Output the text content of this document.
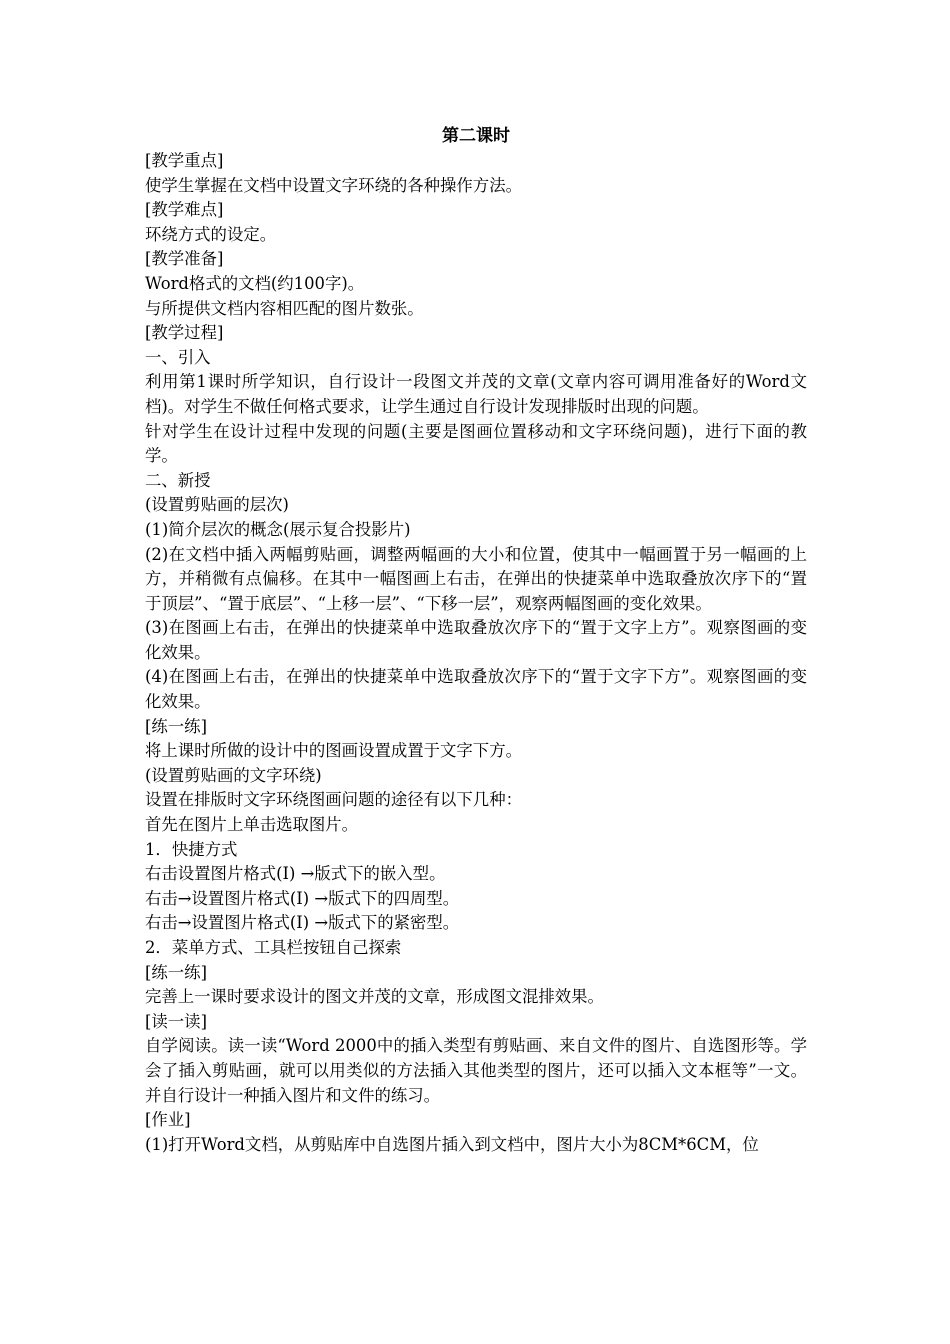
第二课时

[教学重点]

使学生掌握在文档中设置文字环绕的各种操作方法。

[教学难点]

环绕方式的设定。

[教学准备]

Word格式的文档(约100字)。

与所提供文档内容相匹配的图片数张。

[教学过程]

一、引入

利用第1课时所学知识，自行设计一段图文并茂的文章(文章内容可调用准备好的Word文档)。对学生不做任何格式要求，让学生通过自行设计发现排版时出现的问题。

针对学生在设计过程中发现的问题(主要是图画位置移动和文字环绕问题)，进行下面的教学。

二、新授

(设置剪贴画的层次)

(1)简介层次的概念(展示复合投影片)

(2)在文档中插入两幅剪贴画，调整两幅画的大小和位置，使其中一幅画置于另一幅画的上方，并稍微有点偏移。在其中一幅图画上右击，在弹出的快捷菜单中选取叠放次序下的“置于顶层”、“置于底层”、“上移一层”、“下移一层”，观察两幅图画的变化效果。

(3)在图画上右击，在弹出的快捷菜单中选取叠放次序下的“置于文字上方”。观察图画的变化效果。

(4)在图画上右击，在弹出的快捷菜单中选取叠放次序下的“置于文字下方”。观察图画的变化效果。

[练一练]

将上课时所做的设计中的图画设置成置于文字下方。

(设置剪贴画的文字环绕)

设置在排版时文字环绕图画问题的途径有以下几种：

首先在图片上单击选取图片。

1．快捷方式

右击设置图片格式(I) →版式下的嵌入型。

右击→设置图片格式(I) →版式下的四周型。

右击→设置图片格式(I) →版式下的紧密型。

2．菜单方式、工具栏按钮自己探索

[练一练]

完善上一课时要求设计的图文并茂的文章，形成图文混排效果。

[读一读]

自学阅读。读一读“Word 2000中的插入类型有剪贴画、来自文件的图片、自选图形等。学会了插入剪贴画，就可以用类似的方法插入其他类型的图片，还可以插入文本框等”一文。并自行设计一种插入图片和文件的练习。

[作业]

(1)打开Word文档，从剪贴库中自选图片插入到文档中，图片大小为8CM*6CM，位
